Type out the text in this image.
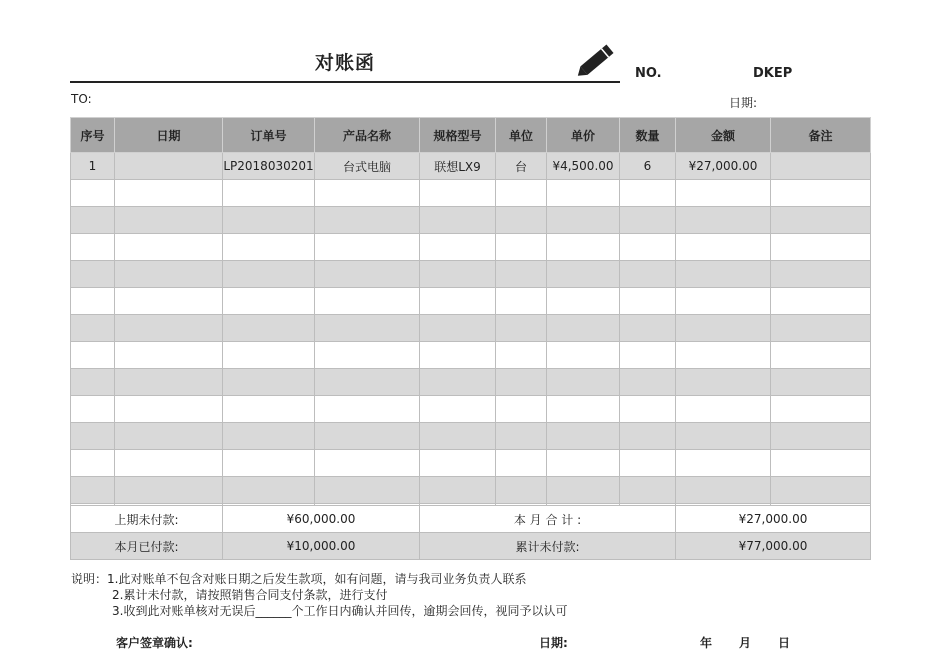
对账函	NO.	DKEP
TO:	日期:
序号	日期	订单号	产品名称	规格型号	单位	单价	数量	金额	备注
1		LP2018030201	台式电脑	联想LX9	台	¥4,500.00	6	¥27,000.00	

上期未付款:	¥60,000.00	本 月 合 计 :	¥27,000.00
本月已付款:	¥10,000.00	累计未付款:	¥77,000.00
说明：1.此对账单不包含对账日期之后发生款项，如有问题，请与我司业务负责人联系
2.累计未付款，请按照销售合同支付条款，进行支付
3.收到此对账单核对无误后______个工作日内确认并回传，逾期会回传，视同予以认可
客户签章确认:	日期:	年 月 日
